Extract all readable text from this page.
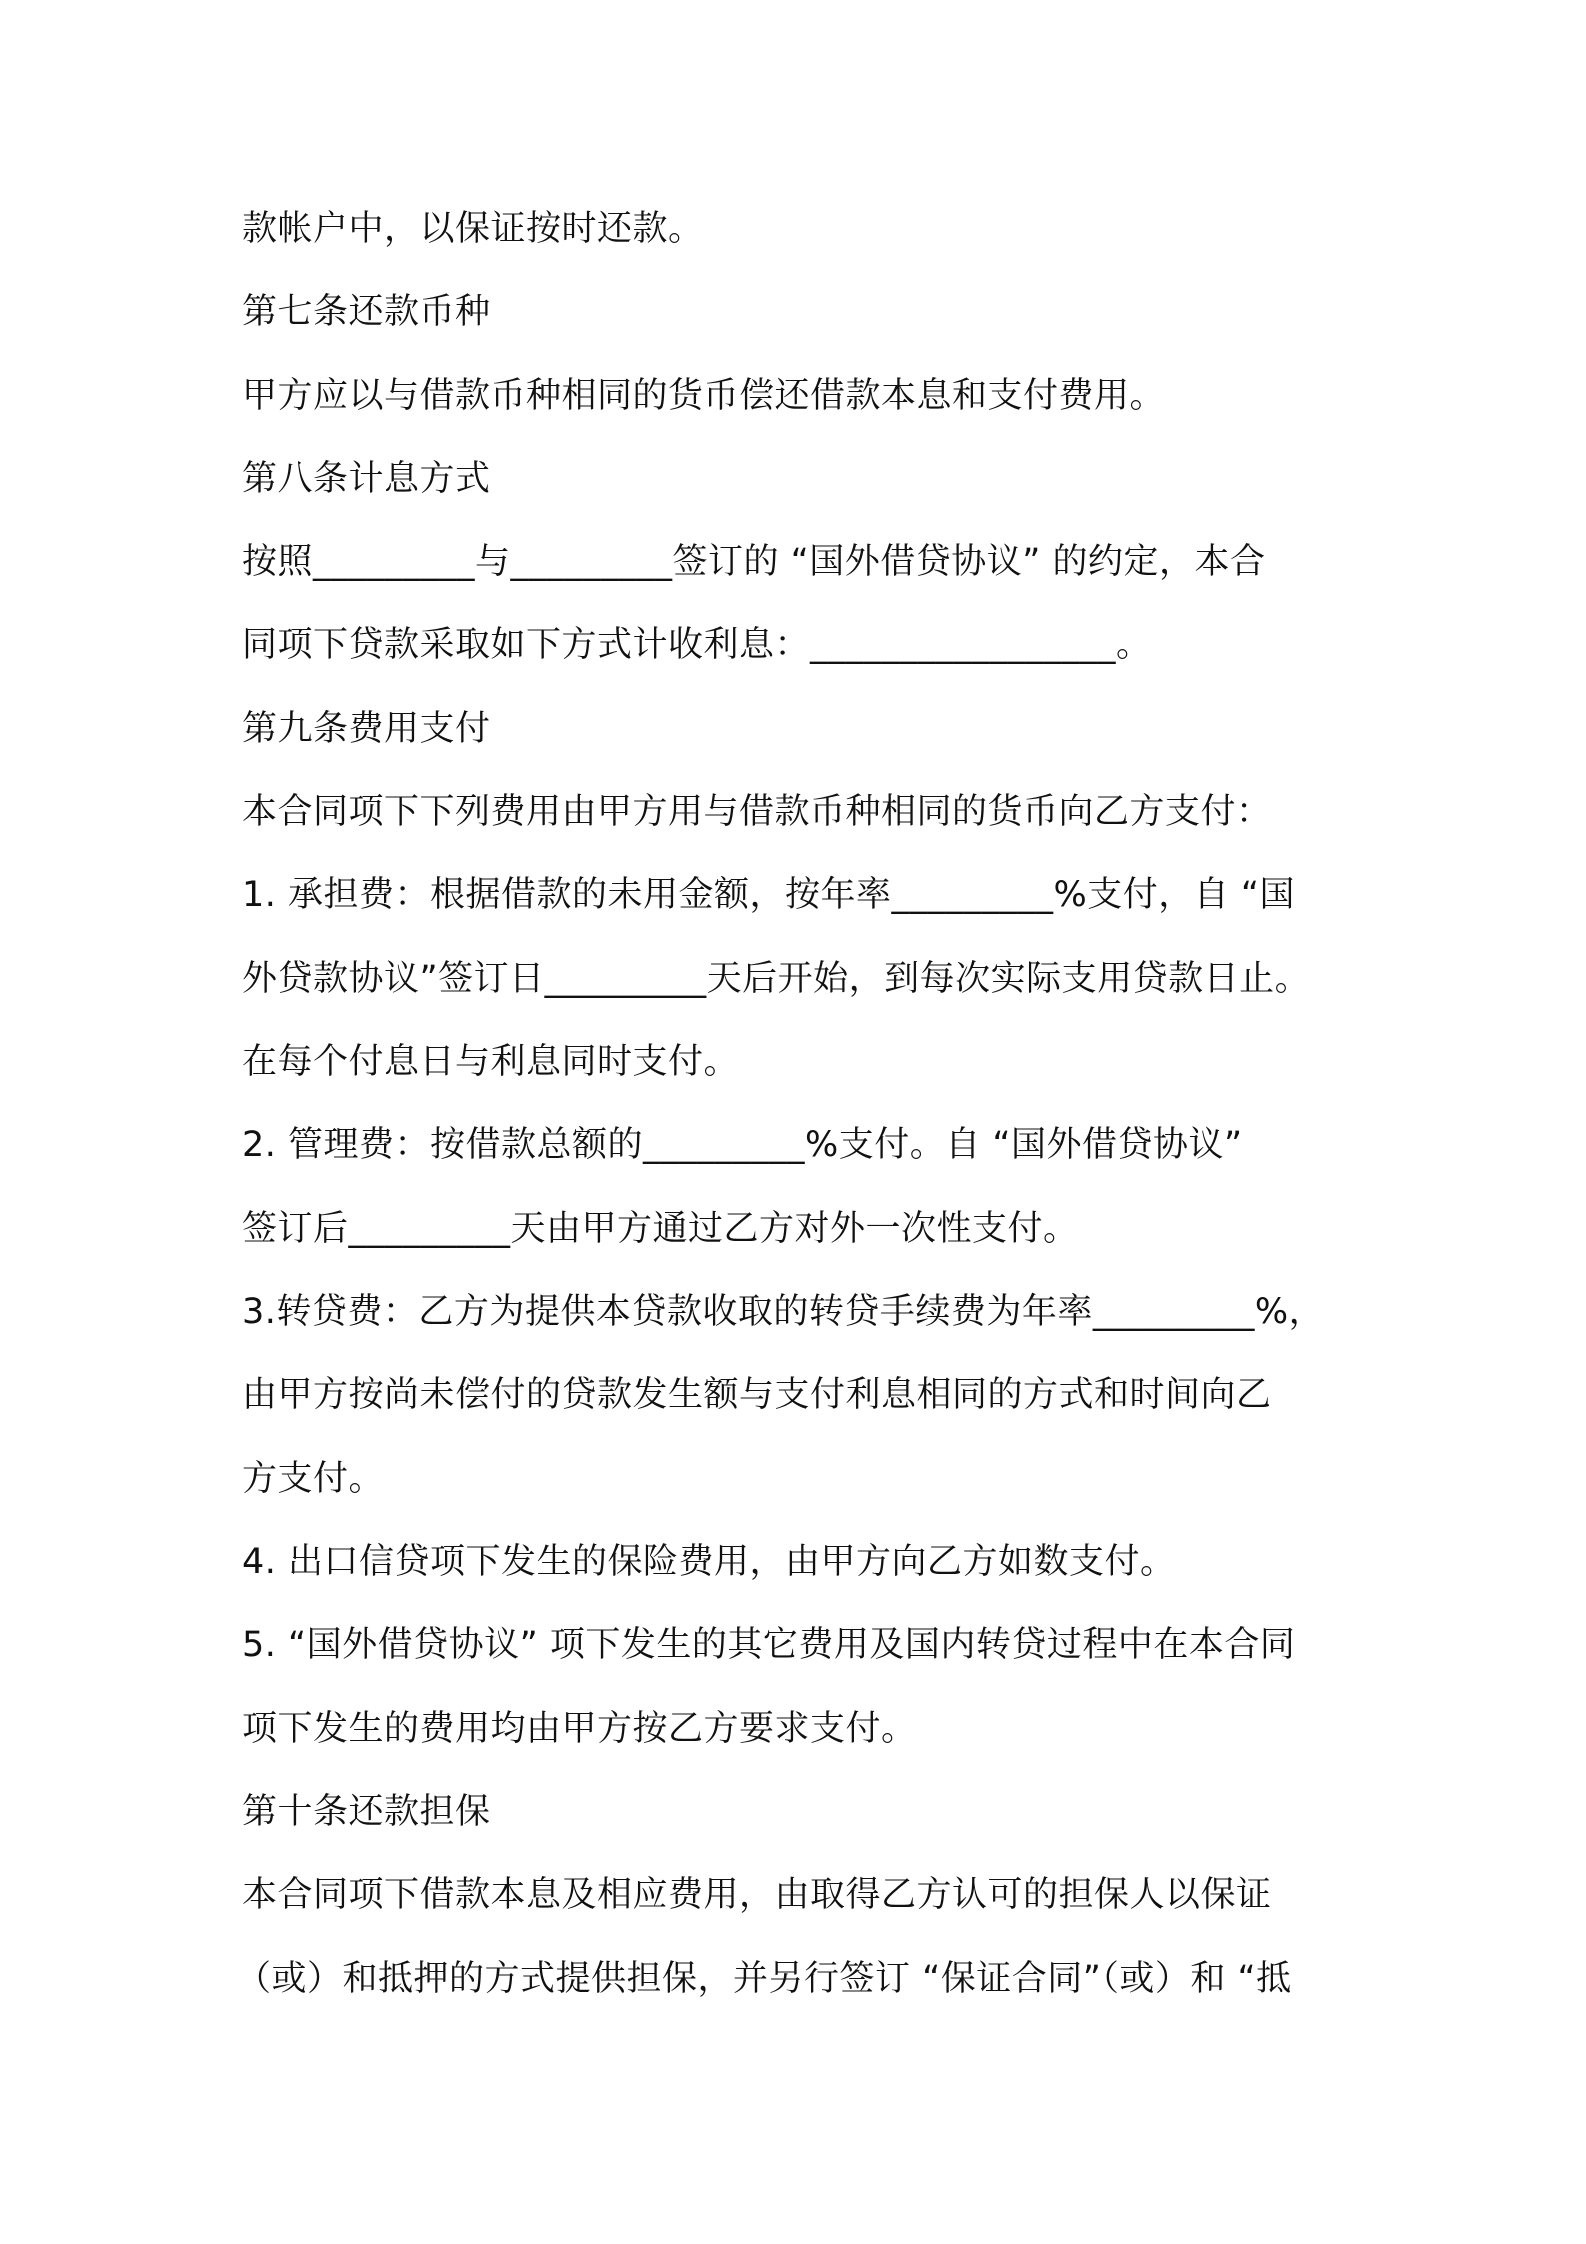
款帐户中，以保证按时还款。

第七条还款币种

甲方应以与借款币种相同的货币偿还借款本息和支付费用。

第八条计息方式

按照_________与_________签订的 “国外借贷协议” 的约定，本合

同项下贷款采取如下方式计收利息：_________________。

第九条费用支付

本合同项下下列费用由甲方用与借款币种相同的货币向乙方支付：

1. 承担费：根据借款的未用金额，按年率_________%支付，自 “国

外贷款协议”签订日_________天后开始，到每次实际支用贷款日止。

在每个付息日与利息同时支付。

2. 管理费：按借款总额的_________%支付。自 “国外借贷协议”

签订后_________天由甲方通过乙方对外一次性支付。

3.转贷费：乙方为提供本贷款收取的转贷手续费为年率_________%，

由甲方按尚未偿付的贷款发生额与支付利息相同的方式和时间向乙

方支付。

4. 出口信贷项下发生的保险费用，由甲方向乙方如数支付。

5. “国外借贷协议” 项下发生的其它费用及国内转贷过程中在本合同

项下发生的费用均由甲方按乙方要求支付。

第十条还款担保

本合同项下借款本息及相应费用，由取得乙方认可的担保人以保证

（或）和抵押的方式提供担保，并另行签订 “保证合同”（或）和 “抵
